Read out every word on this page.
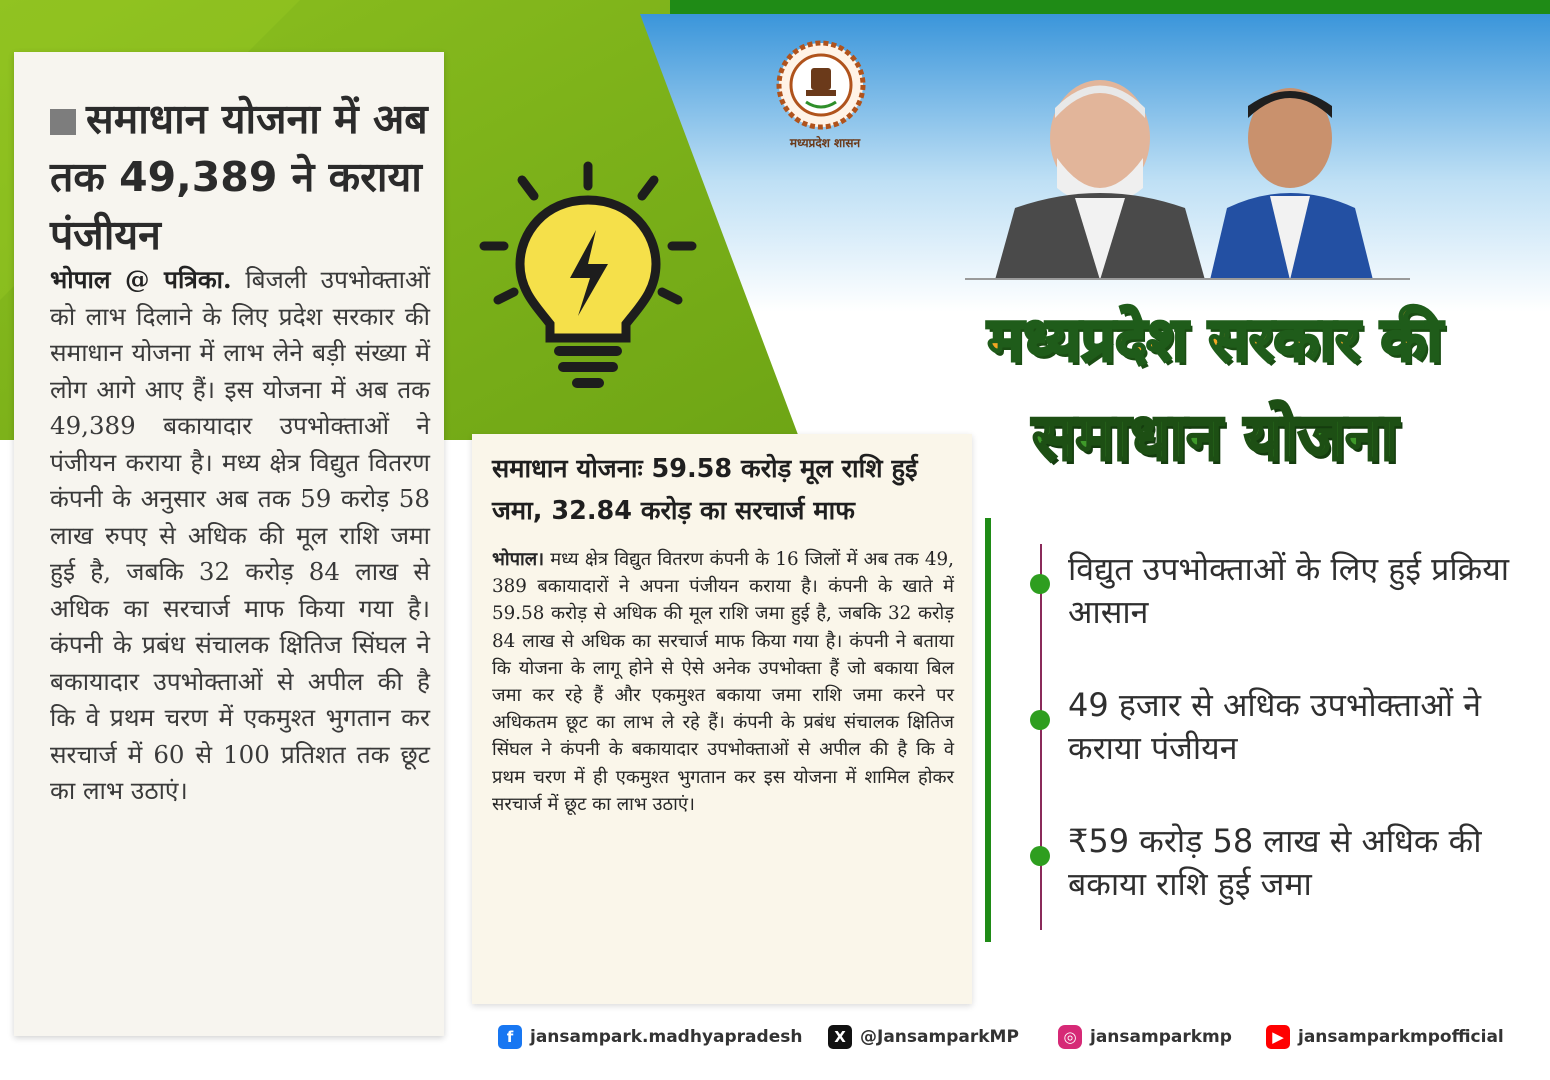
समाधान योजना में अब तक 49,389 ने कराया पंजीयन

भोपाल @ पत्रिका. बिजली उपभोक्ताओं को लाभ दिलाने के लिए प्रदेश सरकार की समाधान योजना में लाभ लेने बड़ी संख्या में लोग आगे आए हैं। इस योजना में अब तक 49,389 बकायादार उपभोक्ताओं ने पंजीयन कराया है। मध्य क्षेत्र विद्युत वितरण कंपनी के अनुसार अब तक 59 करोड़ 58 लाख रुपए से अधिक की मूल राशि जमा हुई है, जबकि 32 करोड़ 84 लाख से अधिक का सरचार्ज माफ किया गया है। कंपनी के प्रबंध संचालक क्षितिज सिंघल ने बकायादार उपभोक्ताओं से अपील की है कि वे प्रथम चरण में एकमुश्त भुगतान कर सरचार्ज में 60 से 100 प्रतिशत तक छूट का लाभ उठाएं।

समाधान योजनाः 59.58 करोड़ मूल राशि हुई जमा, 32.84 करोड़ का सरचार्ज माफ

भोपाल। मध्य क्षेत्र विद्युत वितरण कंपनी के 16 जिलों में अब तक 49, 389 बकायादारों ने अपना पंजीयन कराया है। कंपनी के खाते में 59.58 करोड़ से अधिक की मूल राशि जमा हुई है, जबकि 32 करोड़ 84 लाख से अधिक का सरचार्ज माफ किया गया है। कंपनी ने बताया कि योजना के लागू होने से ऐसे अनेक उपभोक्ता हैं जो बकाया बिल जमा कर रहे हैं और एकमुश्त बकाया जमा राशि जमा करने पर अधिकतम छूट का लाभ ले रहे हैं। कंपनी के प्रबंध संचालक क्षितिज सिंघल ने कंपनी के बकायादार उपभोक्ताओं से अपील की है कि वे प्रथम चरण में ही एकमुश्त भुगतान कर इस योजना में शामिल होकर सरचार्ज में छूट का लाभ उठाएं।

मध्यप्रदेश शासन
मध्यप्रदेश सरकार की
समाधान योजना
विद्युत उपभोक्ताओं के लिए हुई प्रक्रिया आसान
49 हजार से अधिक उपभोक्ताओं ने कराया पंजीयन
₹59 करोड़ 58 लाख से अधिक की बकाया राशि हुई जमा
f jansampark.madhyapradesh	X @JansamparkMP	◎ jansamparkmp	▶ jansamparkmpofficial
